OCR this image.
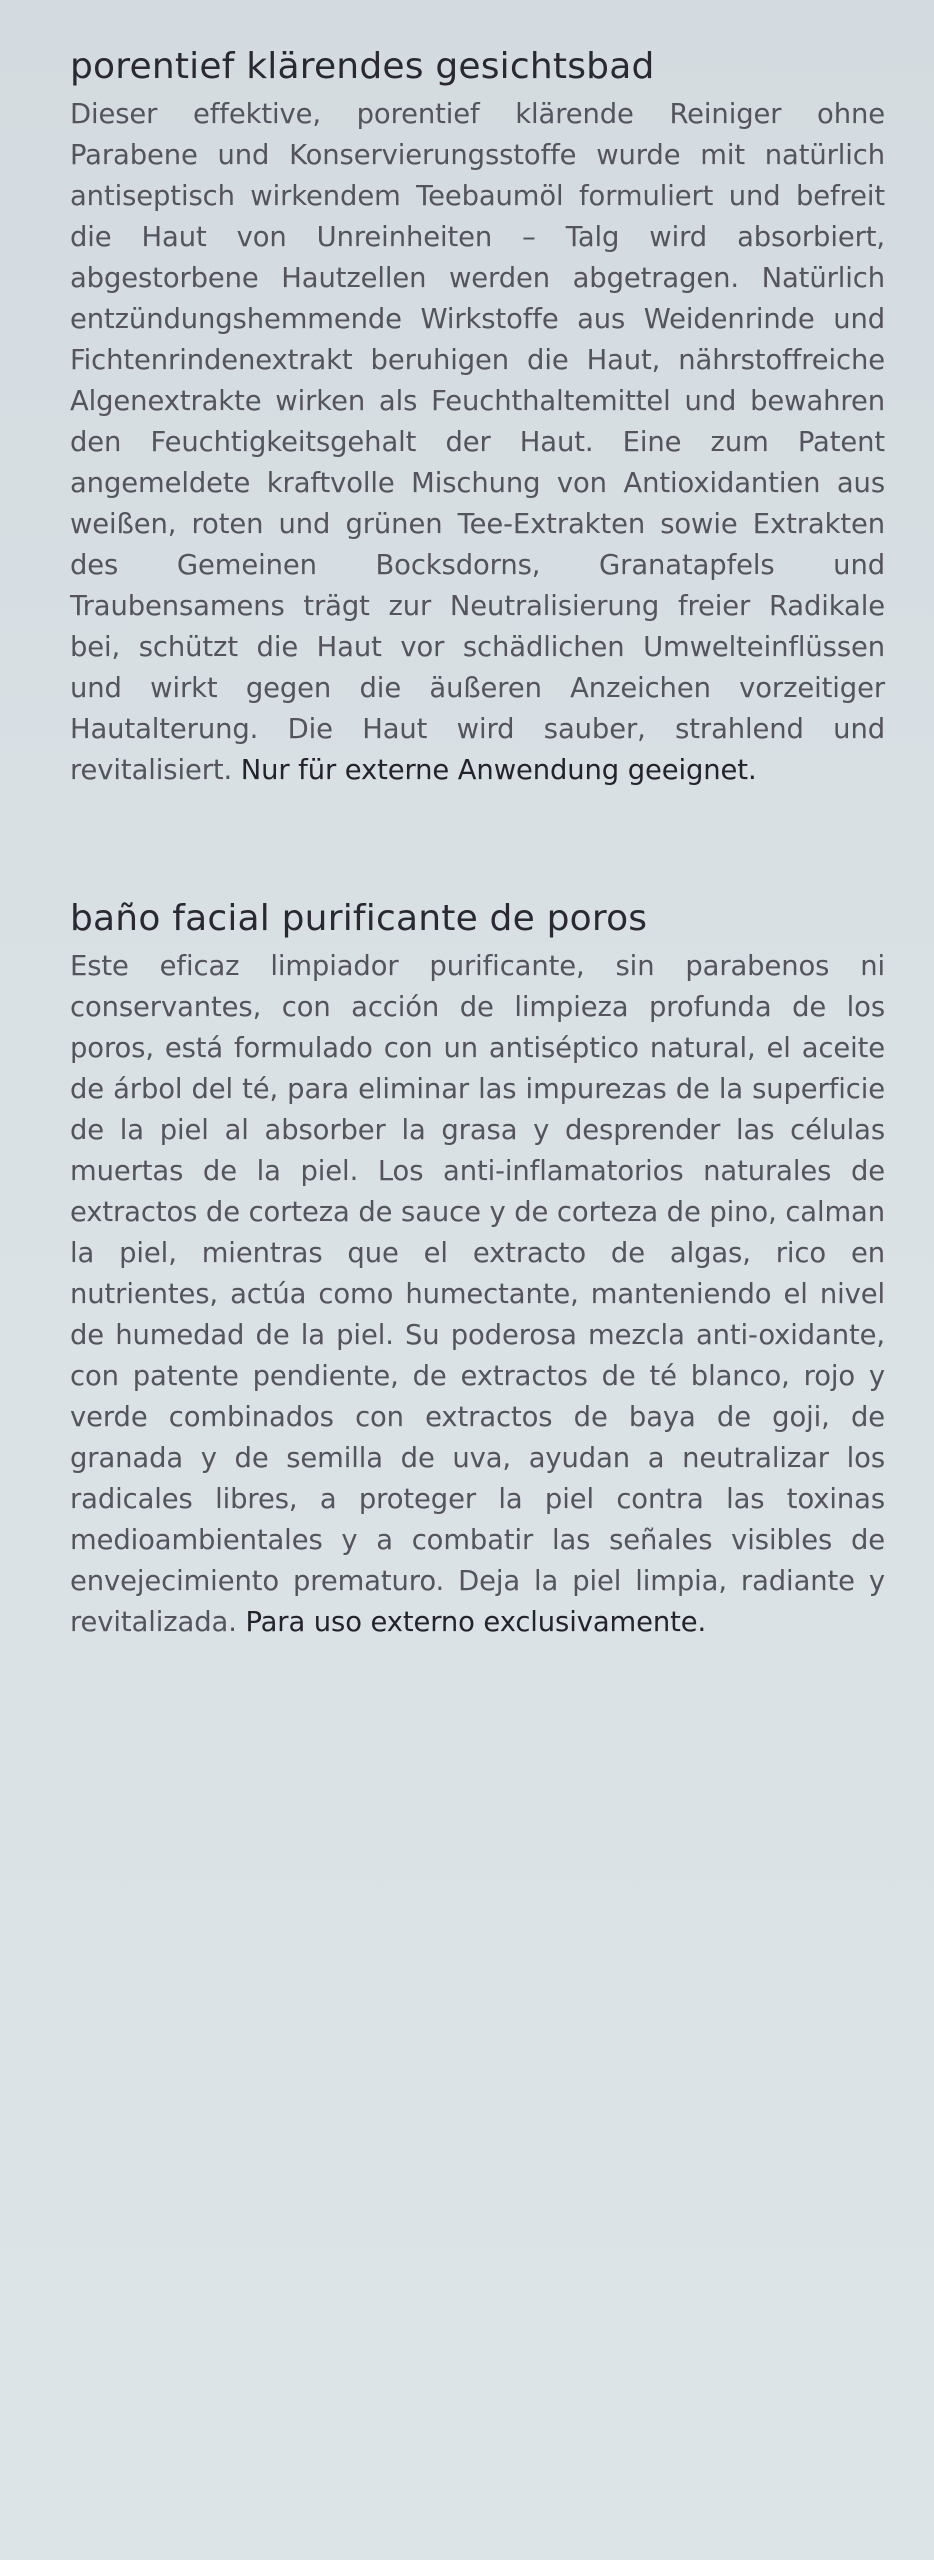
porentief klärendes gesichtsbad

Dieser effektive, porentief klärende Reiniger ohne Parabene und Konservierungsstoffe wurde mit natürlich antiseptisch wirkendem Teebaumöl formuliert und befreit die Haut von Unreinheiten – Talg wird absorbiert, abgestorbene Hautzellen werden abgetragen. Natürlich entzündungshemmende Wirkstoffe aus Weidenrinde und Fichtenrindenextrakt beruhigen die Haut, nährstoffreiche Algenextrakte wirken als Feuchthaltemittel und bewahren den Feuchtigkeitsgehalt der Haut. Eine zum Patent angemeldete kraftvolle Mischung von Antioxidantien aus weißen, roten und grünen Tee-Extrakten sowie Extrakten des Gemeinen Bocksdorns, Granatapfels und Traubensamens trägt zur Neutralisierung freier Radikale bei, schützt die Haut vor schädlichen Umwelteinflüssen und wirkt gegen die äußeren Anzeichen vorzeitiger Hautalterung. Die Haut wird sauber, strahlend und revitalisiert. Nur für externe Anwendung geeignet.

baño facial purificante de poros

Este eficaz limpiador purificante, sin parabenos ni conservantes, con acción de limpieza profunda de los poros, está formulado con un antiséptico natural, el aceite de árbol del té, para eliminar las impurezas de la superficie de la piel al absorber la grasa y desprender las células muertas de la piel. Los anti-inflamatorios naturales de extractos de corteza de sauce y de corteza de pino, calman la piel, mientras que el extracto de algas, rico en nutrientes, actúa como humectante, manteniendo el nivel de humedad de la piel. Su poderosa mezcla anti-oxidante, con patente pendiente, de extractos de té blanco, rojo y verde combinados con extractos de baya de goji, de granada y de semilla de uva, ayudan a neutralizar los radicales libres, a proteger la piel contra las toxinas medioambientales y a combatir las señales visibles de envejecimiento prematuro. Deja la piel limpia, radiante y revitalizada. Para uso externo exclusivamente.
